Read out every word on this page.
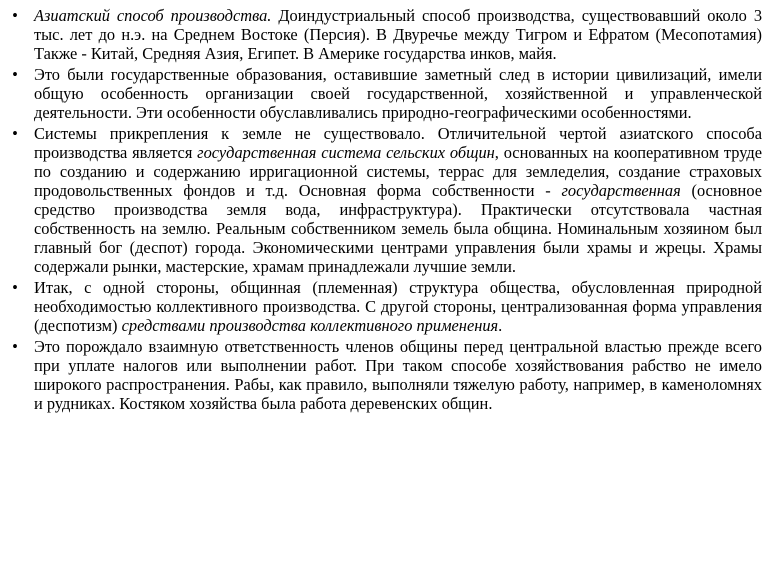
• Азиатский способ производства. Доиндустриальный способ производства, существовавший около 3 тыс. лет до н.э. на Среднем Востоке (Персия). В Двуречье между Тигром и Ефратом (Месопотамия) Также - Китай, Средняя Азия, Египет. В Америке государства инков, майя.
• Это были государственные образования, оставившие заметный след в истории цивилизаций, имели общую особенность организации своей государственной, хозяйственной и управленческой деятельности. Эти особенности обуславливались природно-географическими особенностями.
• Системы прикрепления к земле не существовало. Отличительной чертой азиатского способа производства является государственная система сельских общин, основанных на кооперативном труде по созданию и содержанию ирригационной системы, террас для земледелия, создание страховых продовольственных фондов и т.д. Основная форма собственности - государственная (основное средство производства земля вода, инфраструктура). Практически отсутствовала частная собственность на землю. Реальным собственником земель была община. Номинальным хозяином был главный бог (деспот) города. Экономическими центрами управления были храмы и жрецы. Храмы содержали рынки, мастерские, храмам принадлежали лучшие земли.
• Итак, с одной стороны, общинная (племенная) структура общества, обусловленная природной необходимостью коллективного производства. С другой стороны, централизованная форма управления (деспотизм) средствами производства коллективного применения.
• Это порождало взаимную ответственность членов общины перед центральной властью прежде всего при уплате налогов или выполнении работ. При таком способе хозяйствования рабство не имело широкого распространения. Рабы, как правило, выполняли тяжелую работу, например, в каменоломнях и рудниках. Костяком хозяйства была работа деревенских общин.
